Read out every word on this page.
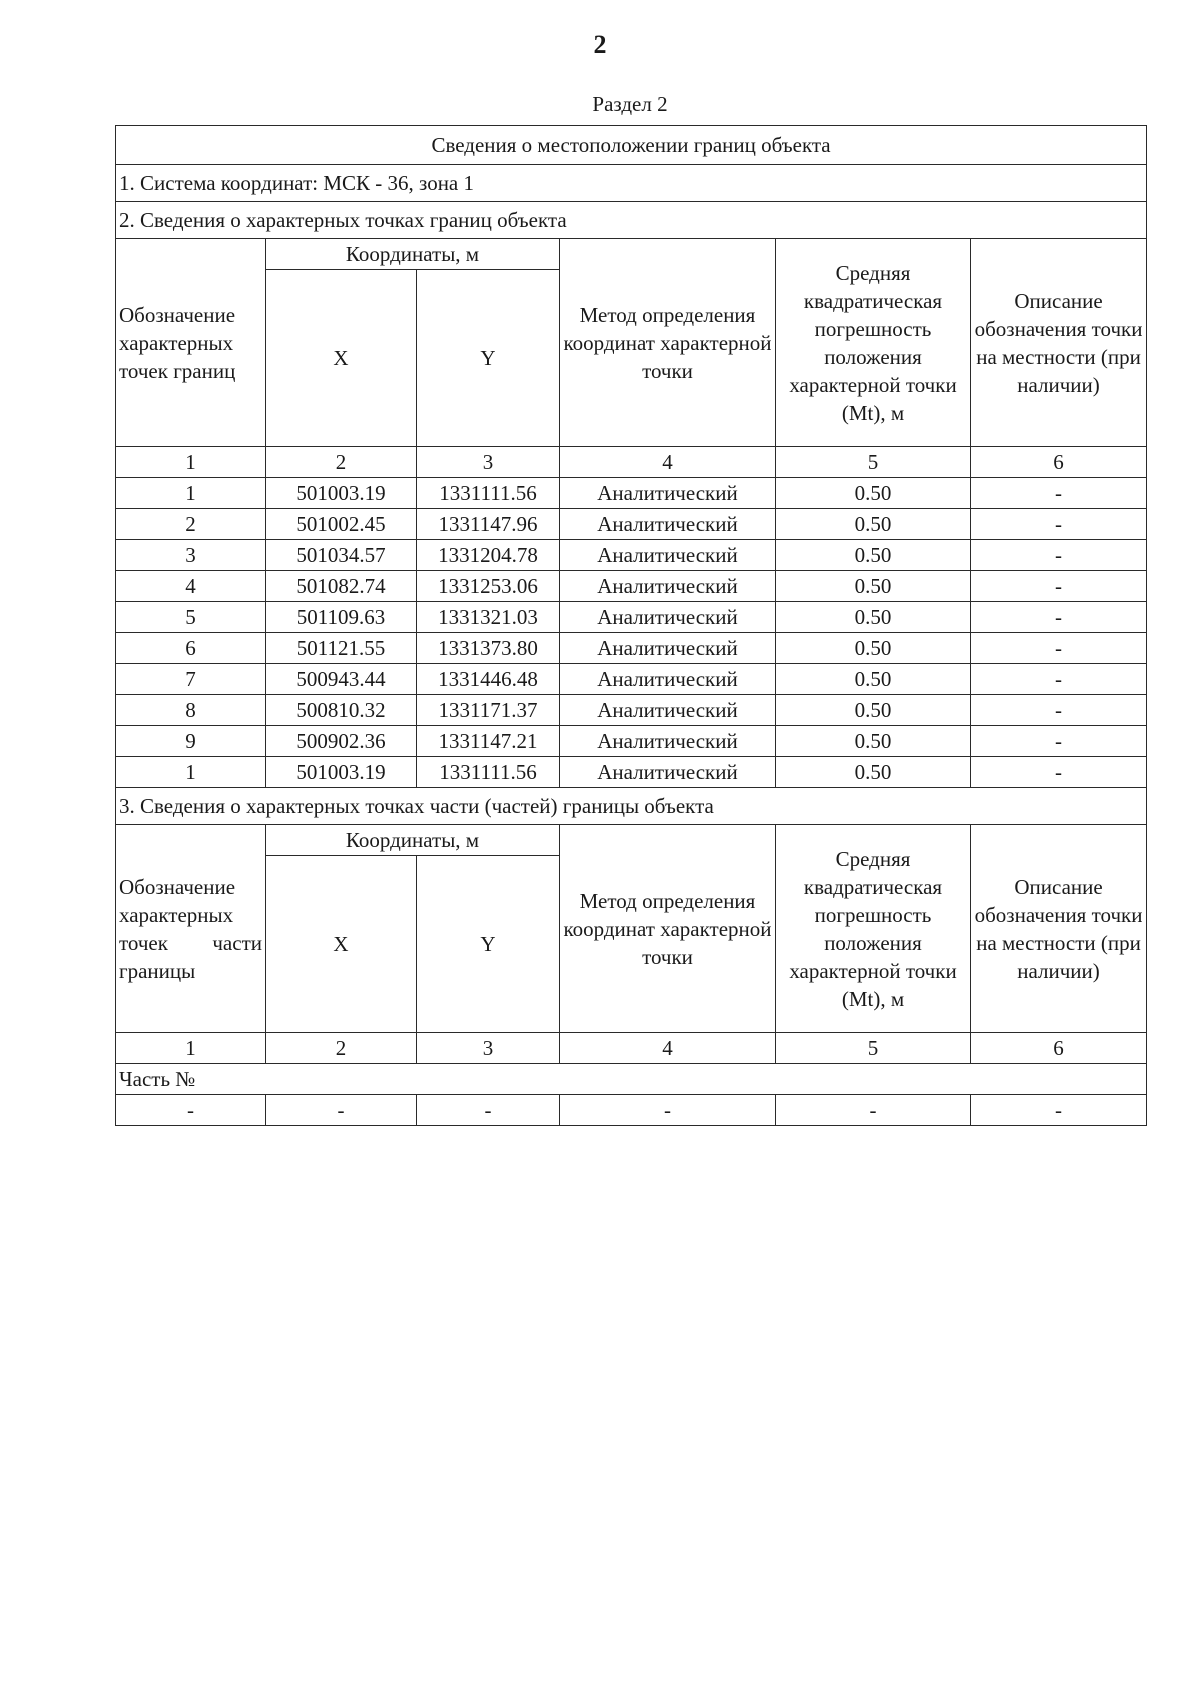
2
Раздел 2
Сведения о местоположении границ объекта					
1. Система координат: МСК - 36, зона 1					
2. Сведения о характерных точках границ объекта					
Обозначение характерных точек границ	Координаты, м		Метод определения координат характерной точки	Средняя квадратическая погрешность положения характерной точки (Mt), м	Описание обозначения точки на местности (при наличии)
	X	Y			
1	2	3	4	5	6
1	501003.19	1331111.56	Аналитический	0.50	-
2	501002.45	1331147.96	Аналитический	0.50	-
3	501034.57	1331204.78	Аналитический	0.50	-
4	501082.74	1331253.06	Аналитический	0.50	-
5	501109.63	1331321.03	Аналитический	0.50	-
6	501121.55	1331373.80	Аналитический	0.50	-
7	500943.44	1331446.48	Аналитический	0.50	-
8	500810.32	1331171.37	Аналитический	0.50	-
9	500902.36	1331147.21	Аналитический	0.50	-
1	501003.19	1331111.56	Аналитический	0.50	-
3. Сведения о характерных точках части (частей) границы объекта					

Обозначение
характерных
точек части
границы	Координаты, м		Метод определения координат характерной точки	Средняя квадратическая погрешность положения характерной точки (Mt), м	Описание обозначения точки на местности (при наличии)
	X	Y			
1	2	3	4	5	6
Часть №					
-	-	-	-	-	-
